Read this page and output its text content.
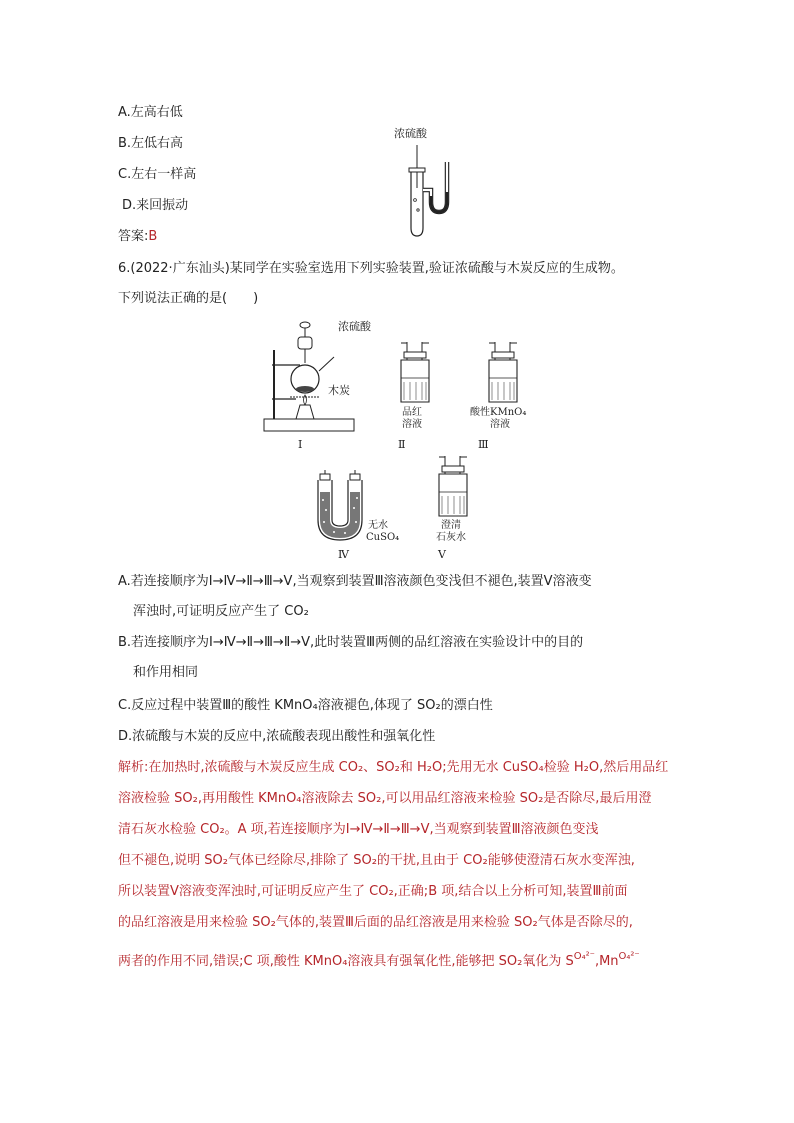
A.左高右低
B.左低右高
C.左右一样高
D.来回振动
答案:B
浓硫酸
6.(2022·广东汕头)某同学在实验室选用下列实验装置,验证浓硫酸与木炭反应的生成物。
下列说法正确的是(　　)
浓硫酸
木炭
Ⅰ
品红
溶液
Ⅱ
酸性KMnO₄
溶液
Ⅲ
无水
CuSO₄
Ⅳ
澄清
石灰水
Ⅴ
A.若连接顺序为Ⅰ→Ⅳ→Ⅱ→Ⅲ→Ⅴ,当观察到装置Ⅲ溶液颜色变浅但不褪色,装置Ⅴ溶液变
浑浊时,可证明反应产生了 CO₂
B.若连接顺序为Ⅰ→Ⅳ→Ⅱ→Ⅲ→Ⅱ→Ⅴ,此时装置Ⅲ两侧的品红溶液在实验设计中的目的
和作用相同
C.反应过程中装置Ⅲ的酸性 KMnO₄溶液褪色,体现了 SO₂的漂白性
D.浓硫酸与木炭的反应中,浓硫酸表现出酸性和强氧化性
解析:在加热时,浓硫酸与木炭反应生成 CO₂、SO₂和 H₂O;先用无水 CuSO₄检验 H₂O,然后用品红
溶液检验 SO₂,再用酸性 KMnO₄溶液除去 SO₂,可以用品红溶液来检验 SO₂是否除尽,最后用澄
清石灰水检验 CO₂。A 项,若连接顺序为Ⅰ→Ⅳ→Ⅱ→Ⅲ→Ⅴ,当观察到装置Ⅲ溶液颜色变浅
但不褪色,说明 SO₂气体已经除尽,排除了 SO₂的干扰,且由于 CO₂能够使澄清石灰水变浑浊,
所以装置Ⅴ溶液变浑浊时,可证明反应产生了 CO₂,正确;B 项,结合以上分析可知,装置Ⅲ前面
的品红溶液是用来检验 SO₂气体的,装置Ⅲ后面的品红溶液是用来检验 SO₂气体是否除尽的,
两者的作用不同,错误;C 项,酸性 KMnO₄溶液具有强氧化性,能够把 SO₂氧化为 $S^{O_4^{2-}},Mn^{O_4^{2-}}$
